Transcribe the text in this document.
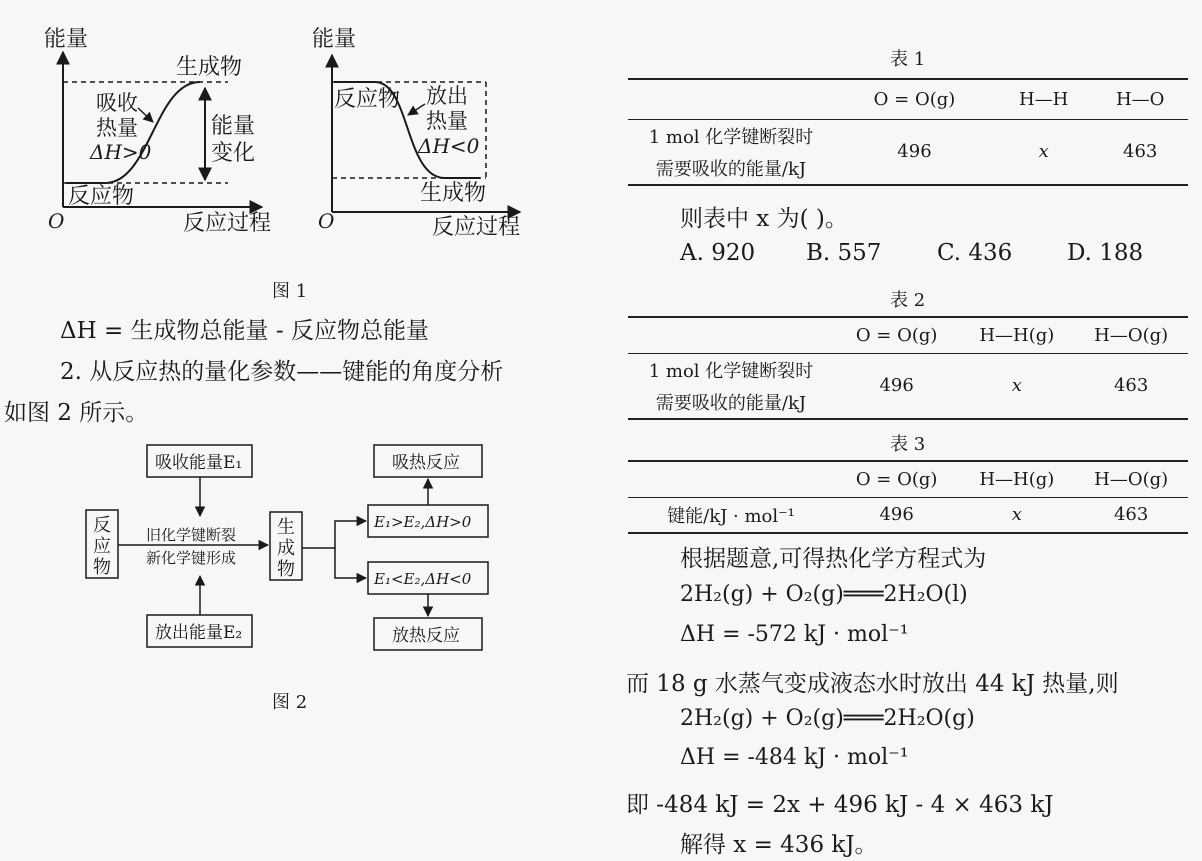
能量
O	反应过程
生成物
反应物
吸收
热量
ΔH>0
能量
变化
能量
O	反应过程
反应物
生成物
放出
热量
ΔH<0
图 1
ΔH = 生成物总能量 - 反应物总能量
2. 从反应热的量化参数——键能的角度分析
如图 2 所示。
反
应
物
生
成
物
吸收能量E₁
放出能量E₂
旧化学键断裂
新化学键形成
E₁>E₂,ΔH>0
E₁<E₂,ΔH<0
吸热反应
放热反应
图 2
表 1
	O = O(g)	H—H	H—O

1 mol 化学键断裂时
需要吸收的能量/kJ	496	x	463
则表中 x 为( )。
A. 920 B. 557 C. 436 D. 188
表 2
	O = O(g)	H—H(g)	H—O(g)

1 mol 化学键断裂时
需要吸收的能量/kJ	496	x	463
表 3
	O = O(g)	H—H(g)	H—O(g)
键能/kJ · mol⁻¹	496	x	463
根据题意,可得热化学方程式为
2H₂(g) + O₂(g)═══2H₂O(l)
ΔH = -572 kJ · mol⁻¹
而 18 g 水蒸气变成液态水时放出 44 kJ 热量,则
2H₂(g) + O₂(g)═══2H₂O(g)
ΔH = -484 kJ · mol⁻¹
即 -484 kJ = 2x + 496 kJ - 4 × 463 kJ
解得 x = 436 kJ。
